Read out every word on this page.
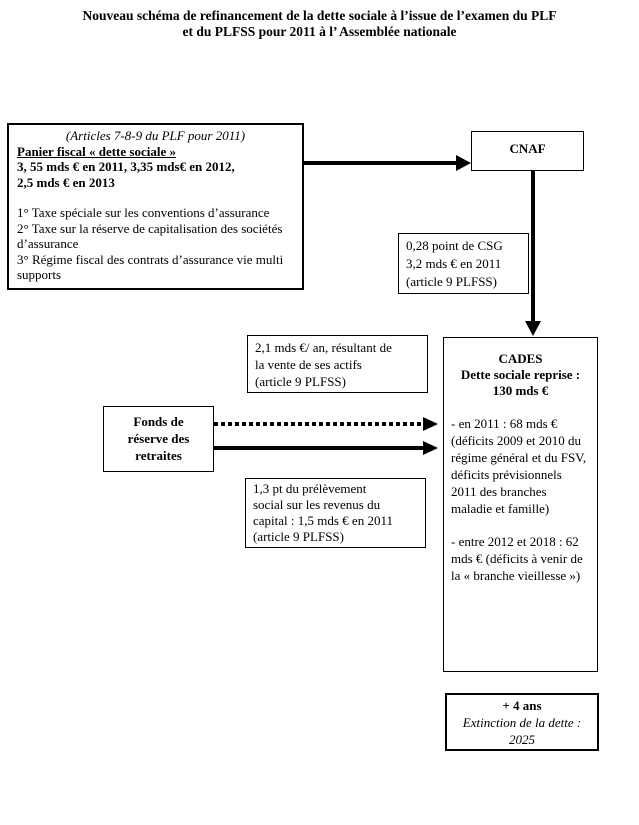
Nouveau schéma de refinancement de la dette sociale à l’issue de l’examen du PLF
et du PLFSS pour 2011 à l’ Assemblée nationale
(Articles 7-8-9 du PLF pour 2011)
Panier fiscal « dette sociale »
3, 55 mds € en 2011, 3,35 mds€ en 2012,
2,5 mds € en 2013
1° Taxe spéciale sur les conventions d’assurance
2° Taxe sur la réserve de capitalisation des sociétés d’assurance
3° Régime fiscal des contrats d’assurance vie multi supports
CNAF
0,28 point de CSG
3,2 mds € en 2011
(article 9 PLFSS)
2,1 mds €/ an, résultant de
la vente de ses actifs
(article 9 PLFSS)
Fonds de
réserve des
retraites
1,3 pt du prélèvement
social sur les revenus du
capital : 1,5 mds € en 2011
(article 9 PLFSS)
CADES
Dette sociale reprise :
130 mds €
- en 2011 : 68 mds € (déficits 2009 et 2010 du régime général et du FSV, déficits prévisionnels 2011 des branches maladie et famille)
- entre 2012 et 2018 : 62 mds € (déficits à venir de la « branche vieillesse »)
+ 4 ans
Extinction de la dette :
2025
